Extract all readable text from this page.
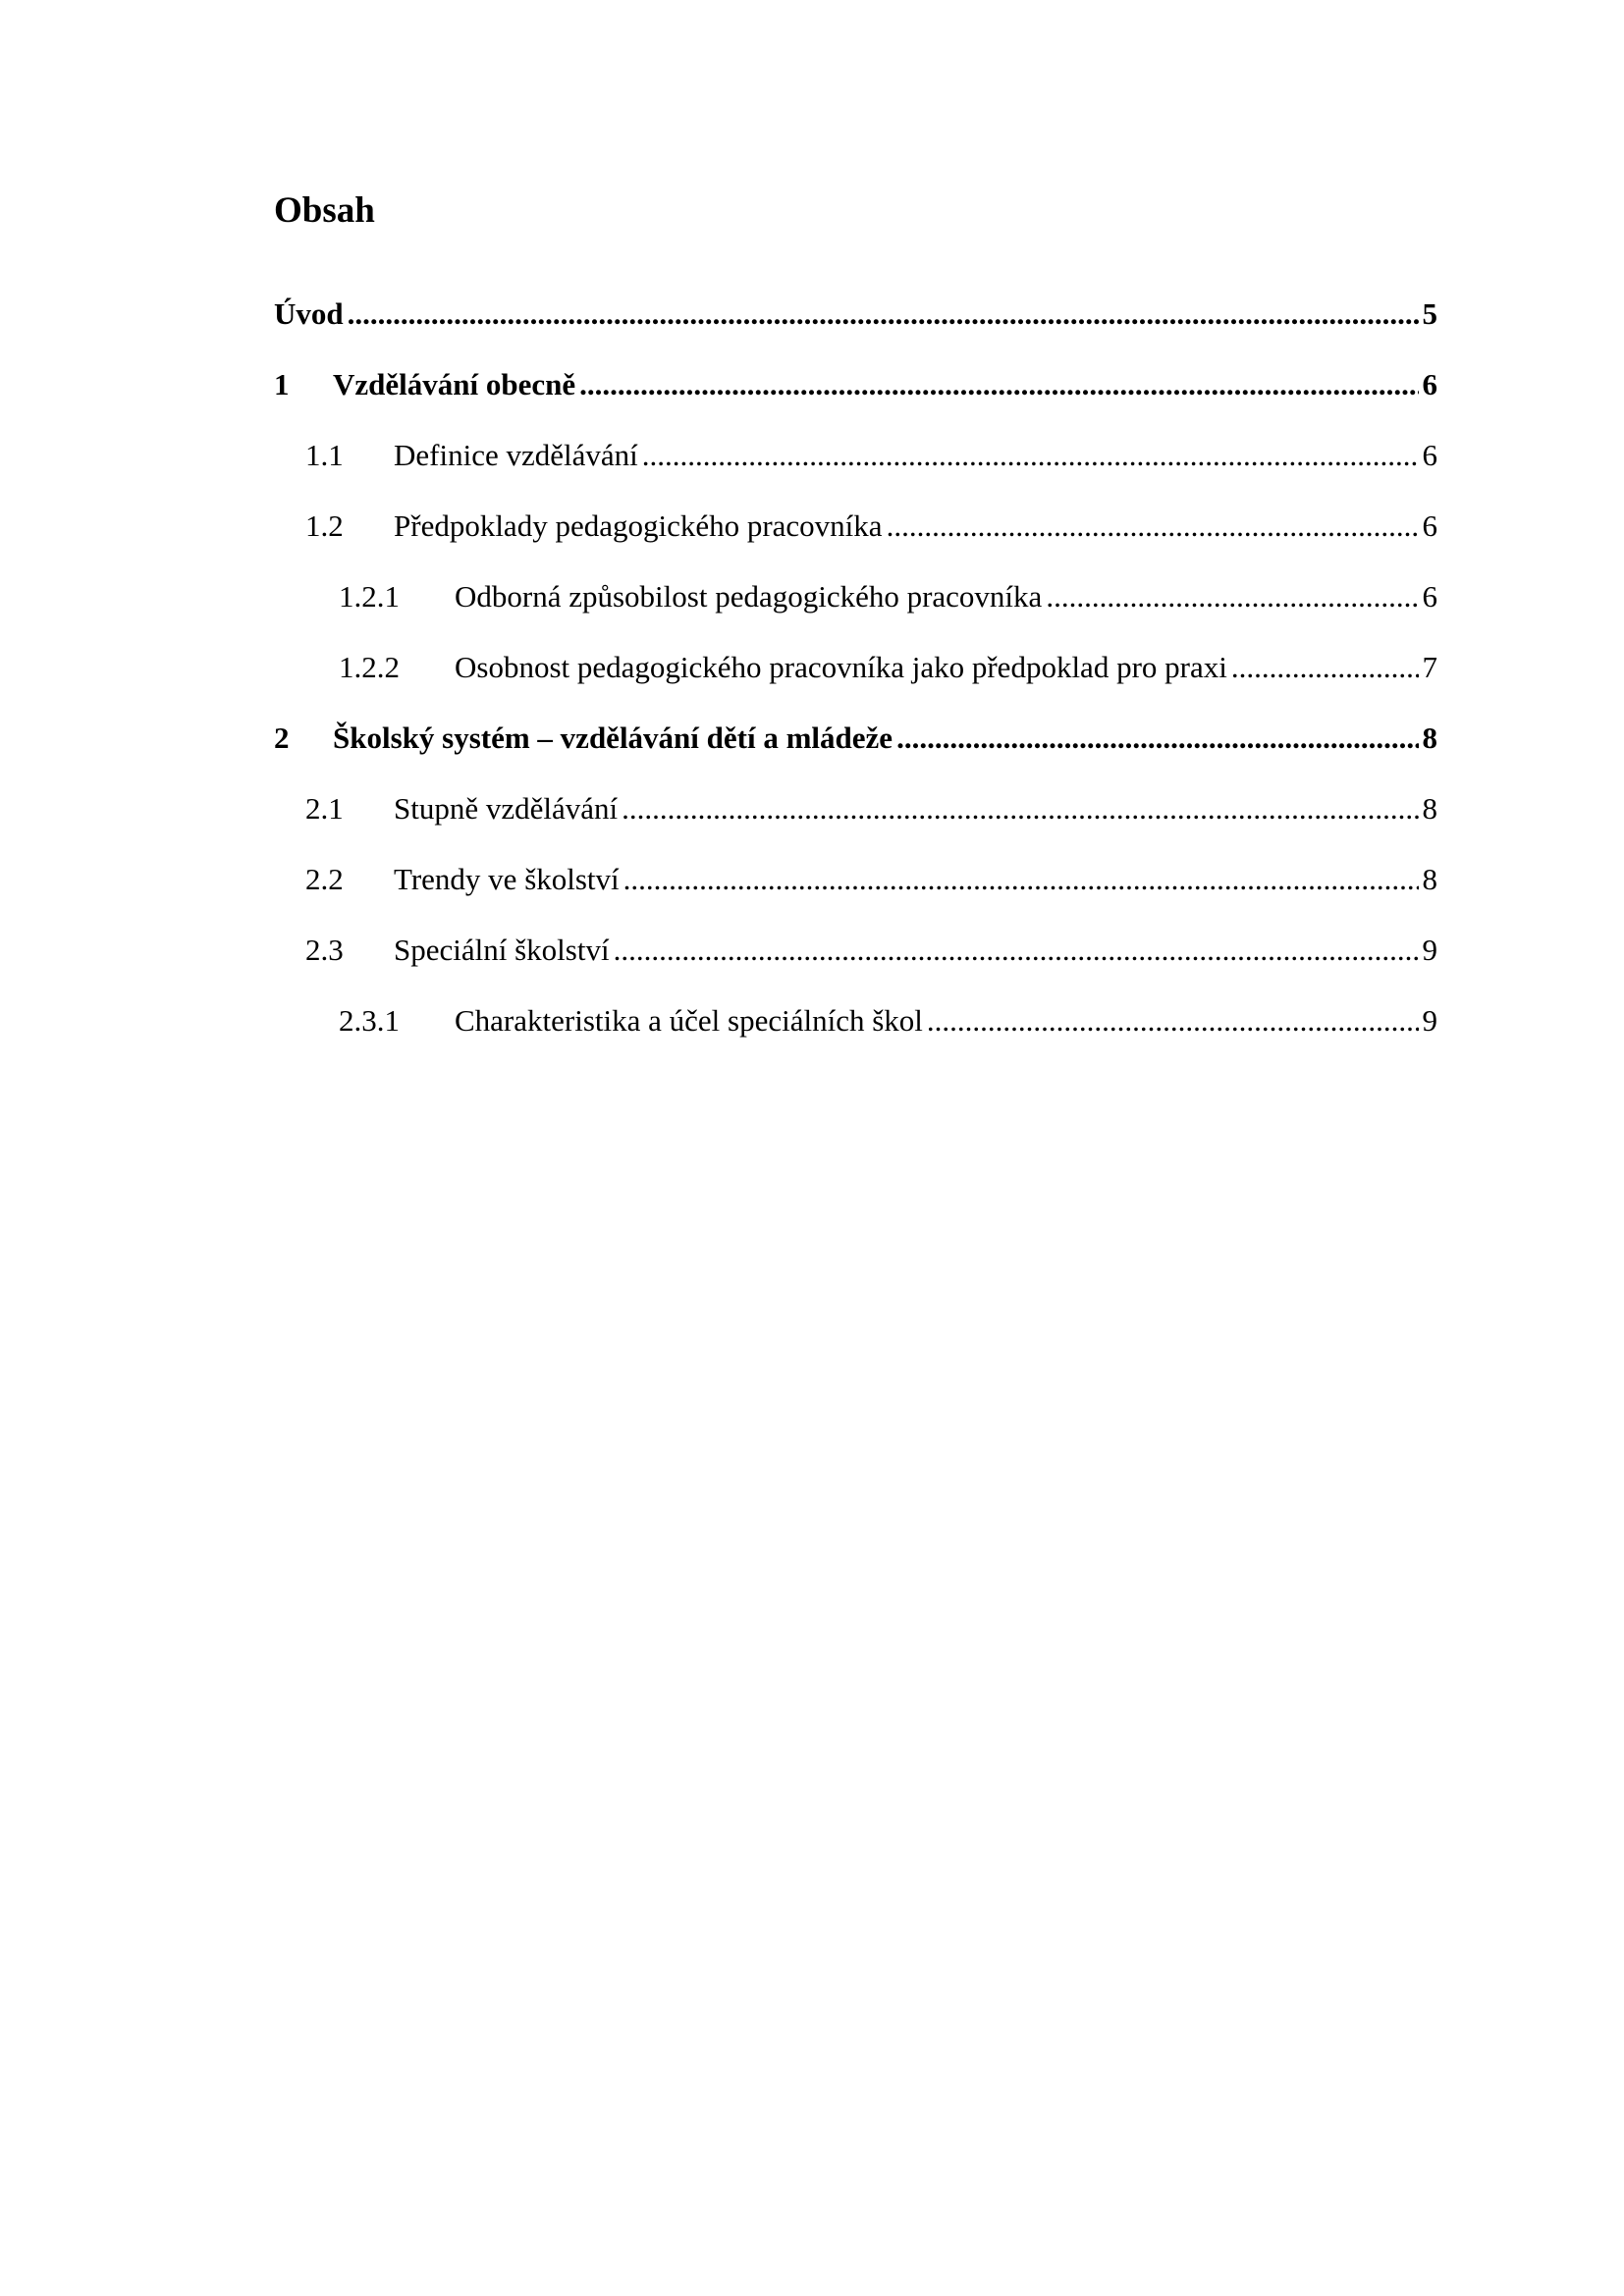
Obsah
Úvod .....	5
1	Vzdělávání obecně .....	6
1.1	Definice vzdělávání .....	6
1.2	Předpoklady pedagogického pracovníka .....	6
1.2.1	Odborná způsobilost pedagogického pracovníka .....	6
1.2.2	Osobnost pedagogického pracovníka jako předpoklad pro praxi .....	7
2	Školský systém – vzdělávání dětí a mládeže .....	8
2.1	Stupně vzdělávání .....	8
2.2	Trendy ve školství .....	8
2.3	Speciální školství .....	9
2.3.1	Charakteristika a účel speciálních škol .....	9
